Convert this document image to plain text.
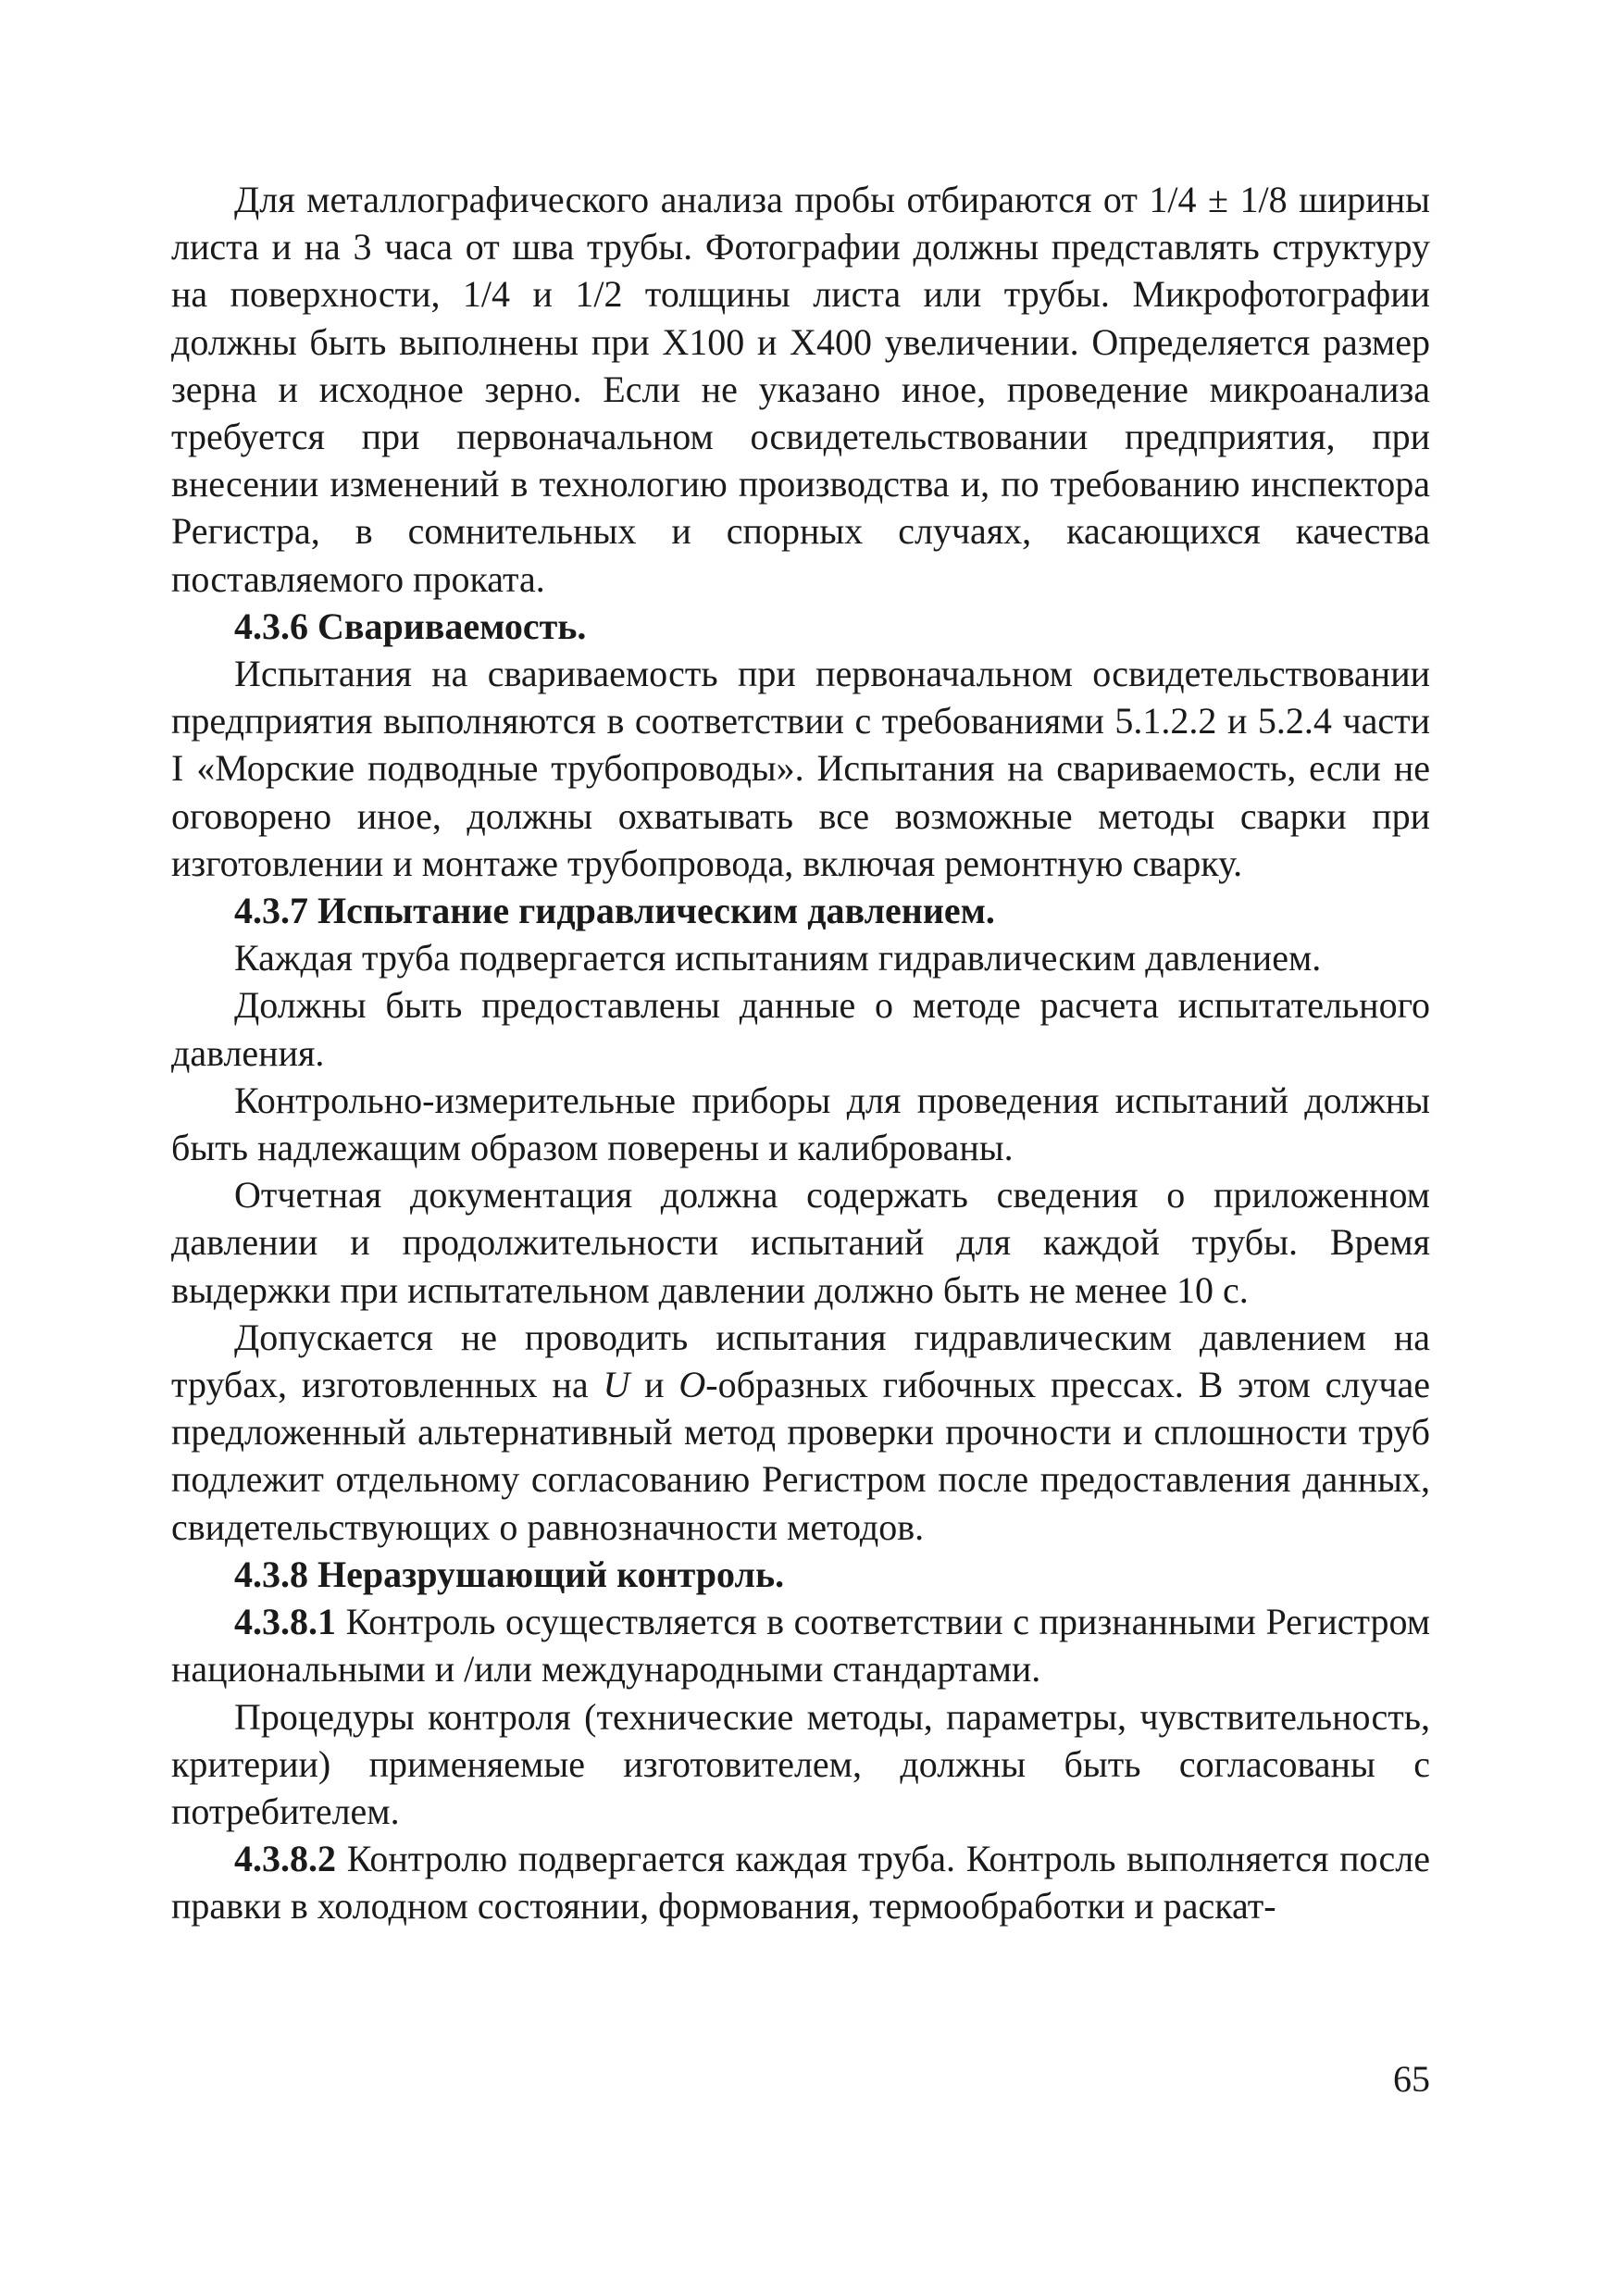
Для металлографического анализа пробы отбираются от 1/4 ± 1/8 ширины листа и на 3 часа от шва трубы. Фотографии должны представлять структуру на поверхности, 1/4 и 1/2 толщины листа или трубы. Микрофотографии должны быть выполнены при Х100 и Х400 увеличении. Определяется размер зерна и исходное зерно. Если не указано иное, проведение микроанализа требуется при первоначальном освидетельствовании предприятия, при внесении изменений в технологию производства и, по требованию инспектора Регистра, в сомнительных и спорных случаях, касающихся качества поставляемого проката.

4.3.6 Свариваемость.

Испытания на свариваемость при первоначальном освидетельствовании предприятия выполняются в соответствии с требованиями 5.1.2.2 и 5.2.4 части I «Морские подводные трубопроводы». Испытания на свариваемость, если не оговорено иное, должны охватывать все возможные методы сварки при изготовлении и монтаже трубопровода, включая ремонтную сварку.

4.3.7 Испытание гидравлическим давлением.

Каждая труба подвергается испытаниям гидравлическим давлением.

Должны быть предоставлены данные о методе расчета испытательного давления.

Контрольно-измерительные приборы для проведения испытаний должны быть надлежащим образом поверены и калиброваны.

Отчетная документация должна содержать сведения о приложенном давлении и продолжительности испытаний для каждой трубы. Время выдержки при испытательном давлении должно быть не менее 10 с.

Допускается не проводить испытания гидравлическим давлением на трубах, изготовленных на U и O-образных гибочных прессах. В этом случае предложенный альтернативный метод проверки прочности и сплошности труб подлежит отдельному согласованию Регистром после предоставления данных, свидетельствующих о равнозначности методов.

4.3.8 Неразрушающий контроль.

4.3.8.1 Контроль осуществляется в соответствии с признанными Регистром национальными и /или международными стандартами.

Процедуры контроля (технические методы, параметры, чувствительность, критерии) применяемые изготовителем, должны быть согласованы с потребителем.

4.3.8.2 Контролю подвергается каждая труба. Контроль выполняется после правки в холодном состоянии, формования, термообработки и раскат-

65
